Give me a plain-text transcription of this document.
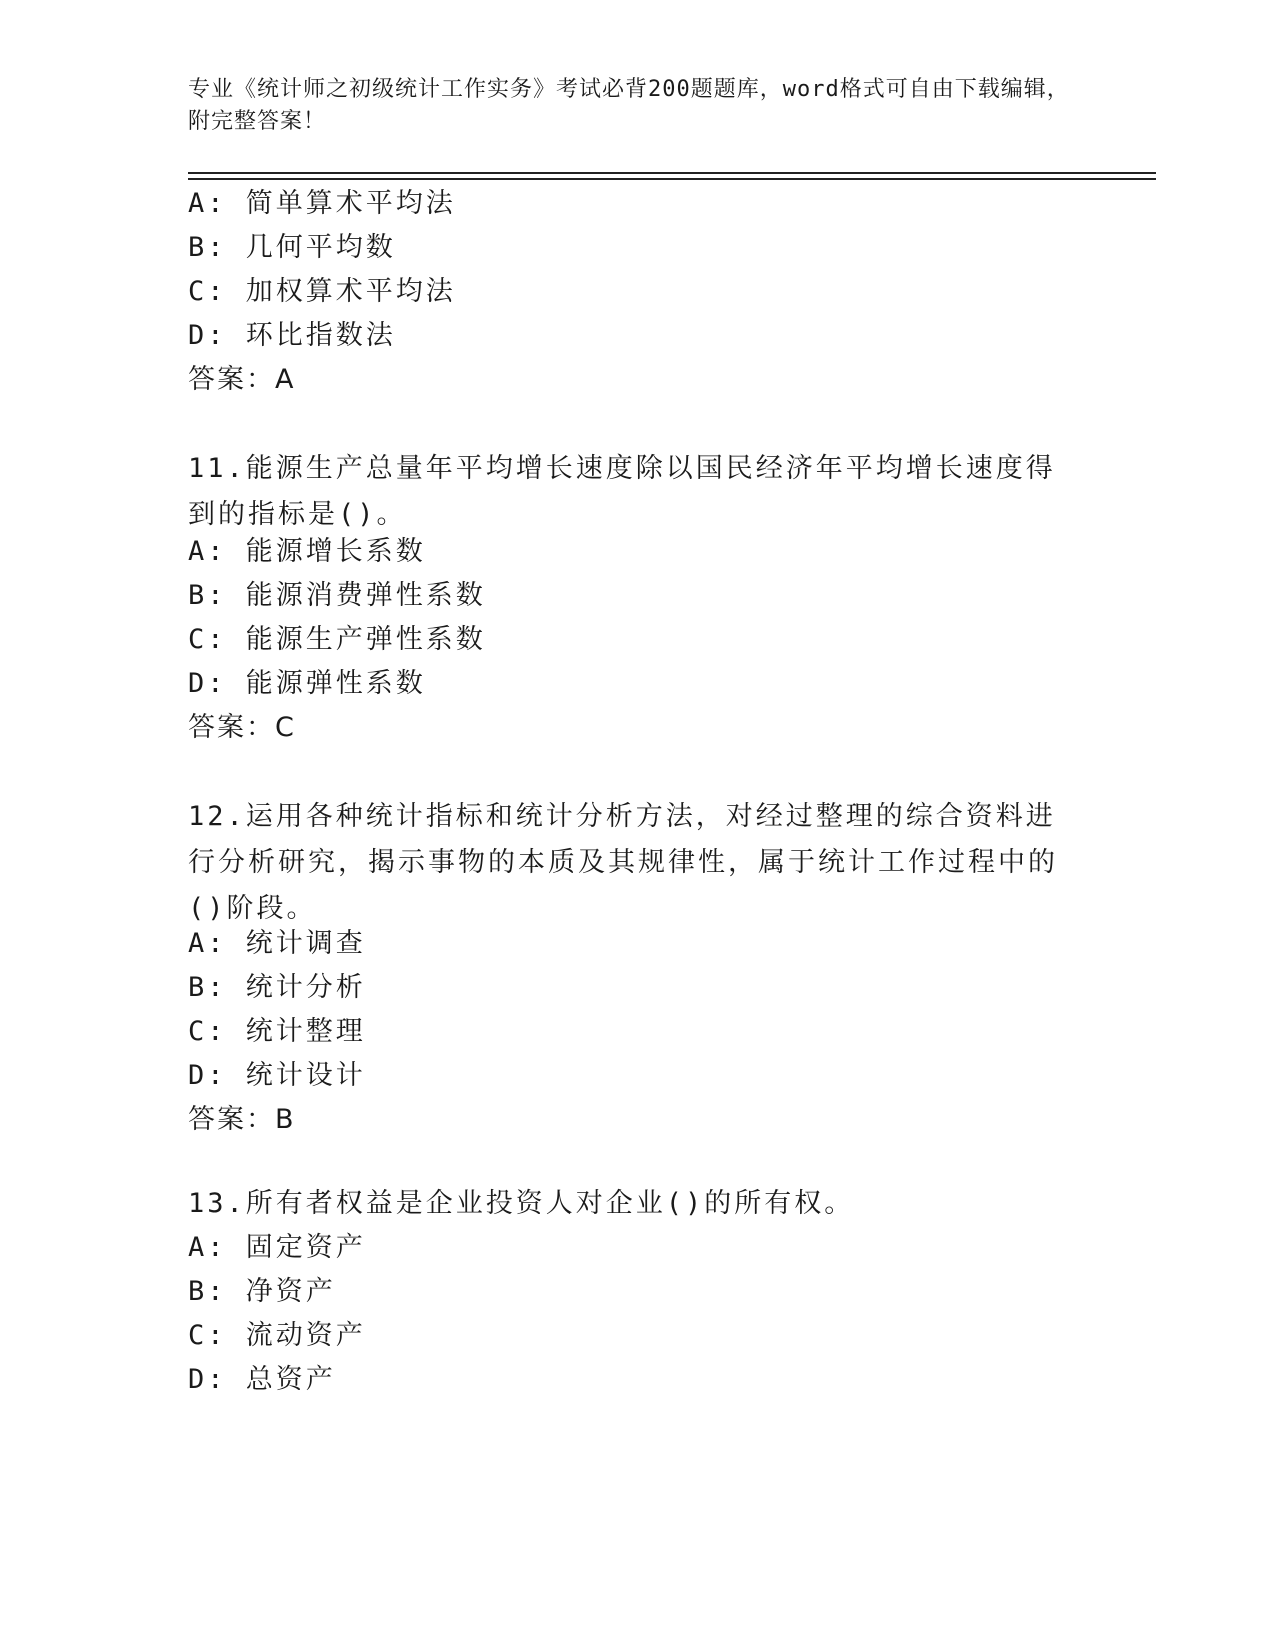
专业《统计师之初级统计工作实务》考试必背200题题库，word格式可自由下载编辑，附完整答案！
A: 简单算术平均法
B: 几何平均数
C: 加权算术平均法
D: 环比指数法
答案：A
11.能源生产总量年平均增长速度除以国民经济年平均增长速度得到的指标是()。
A: 能源增长系数
B: 能源消费弹性系数
C: 能源生产弹性系数
D: 能源弹性系数
答案：C
12.运用各种统计指标和统计分析方法，对经过整理的综合资料进行分析研究，揭示事物的本质及其规律性，属于统计工作过程中的()阶段。
A: 统计调查
B: 统计分析
C: 统计整理
D: 统计设计
答案：B
13.所有者权益是企业投资人对企业()的所有权。
A: 固定资产
B: 净资产
C: 流动资产
D: 总资产
